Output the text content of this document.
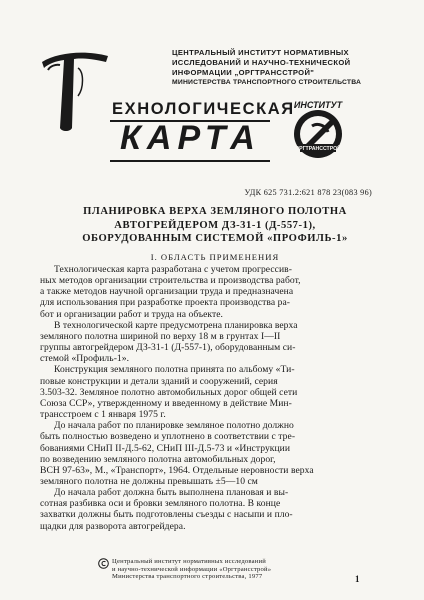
ЦЕНТРАЛЬНЫЙ ИНСТИТУТ НОРМАТИВНЫХ
ИССЛЕДОВАНИЙ И НАУЧНО-ТЕХНИЧЕСКОЙ
ИНФОРМАЦИИ „ОРГТРАНССТРОЙ"
МИНИСТЕРСТВА ТРАНСПОРТНОГО СТРОИТЕЛЬСТВА
ЕХНОЛОГИЧЕСКАЯ
КАРТА
ИНСТИТУТ
ОРГТРАНССТРОЙ
УДК 625 731.2:621 878 23(083 96)
ПЛАНИРОВКА ВЕРХА ЗЕМЛЯНОГО ПОЛОТНА
АВТОГРЕЙДЕРОМ ДЗ-31-1 (Д-557-1),
ОБОРУДОВАННЫМ СИСТЕМОЙ «ПРОФИЛЬ-1»
I. ОБЛАСТЬ ПРИМЕНЕНИЯ
Технологическая карта разработана с учетом прогрессив-
ных методов организации строительства и производства работ,
а также методов научной организации труда и предназначена
для использования при разработке проекта производства ра-
бот и организации работ и труда на объекте.
В технологической карте предусмотрена планировка верха
земляного полотна шириной по верху 18 м в грунтах I—II
группы автогрейдером ДЗ-31-1 (Д-557-1), оборудованным си-
стемой «Профиль-1».
Конструкция земляного полотна принята по альбому «Ти-
повые конструкции и детали зданий и сооружений, серия
3.503-32. Земляное полотно автомобильных дорог общей сети
Союза ССР», утвержденному и введенному в действие Мин-
трансстроем с 1 января 1975 г.
До начала работ по планировке земляное полотно должно
быть полностью возведено и уплотнено в соответствии с тре-
бованиями СНиП II-Д.5-62, СНиП III-Д.5-73 и «Инструкции
по возведению земляного полотна автомобильных дорог,
ВСН 97-63», М., «Транспорт», 1964. Отдельные неровности верха
земляного полотна не должны превышать ±5—10 см
До начала работ должна быть выполнена плановая и вы-
сотная разбивка оси и бровки земляного полотна. В конце
захватки должны быть подготовлены съезды с насыпи и пло-
щадки для разворота автогрейдера.
Центральный институт нормативных исследований
и научно-технической информации «Оргтрансстрой»
Министерства транспортного строительства, 1977	1
